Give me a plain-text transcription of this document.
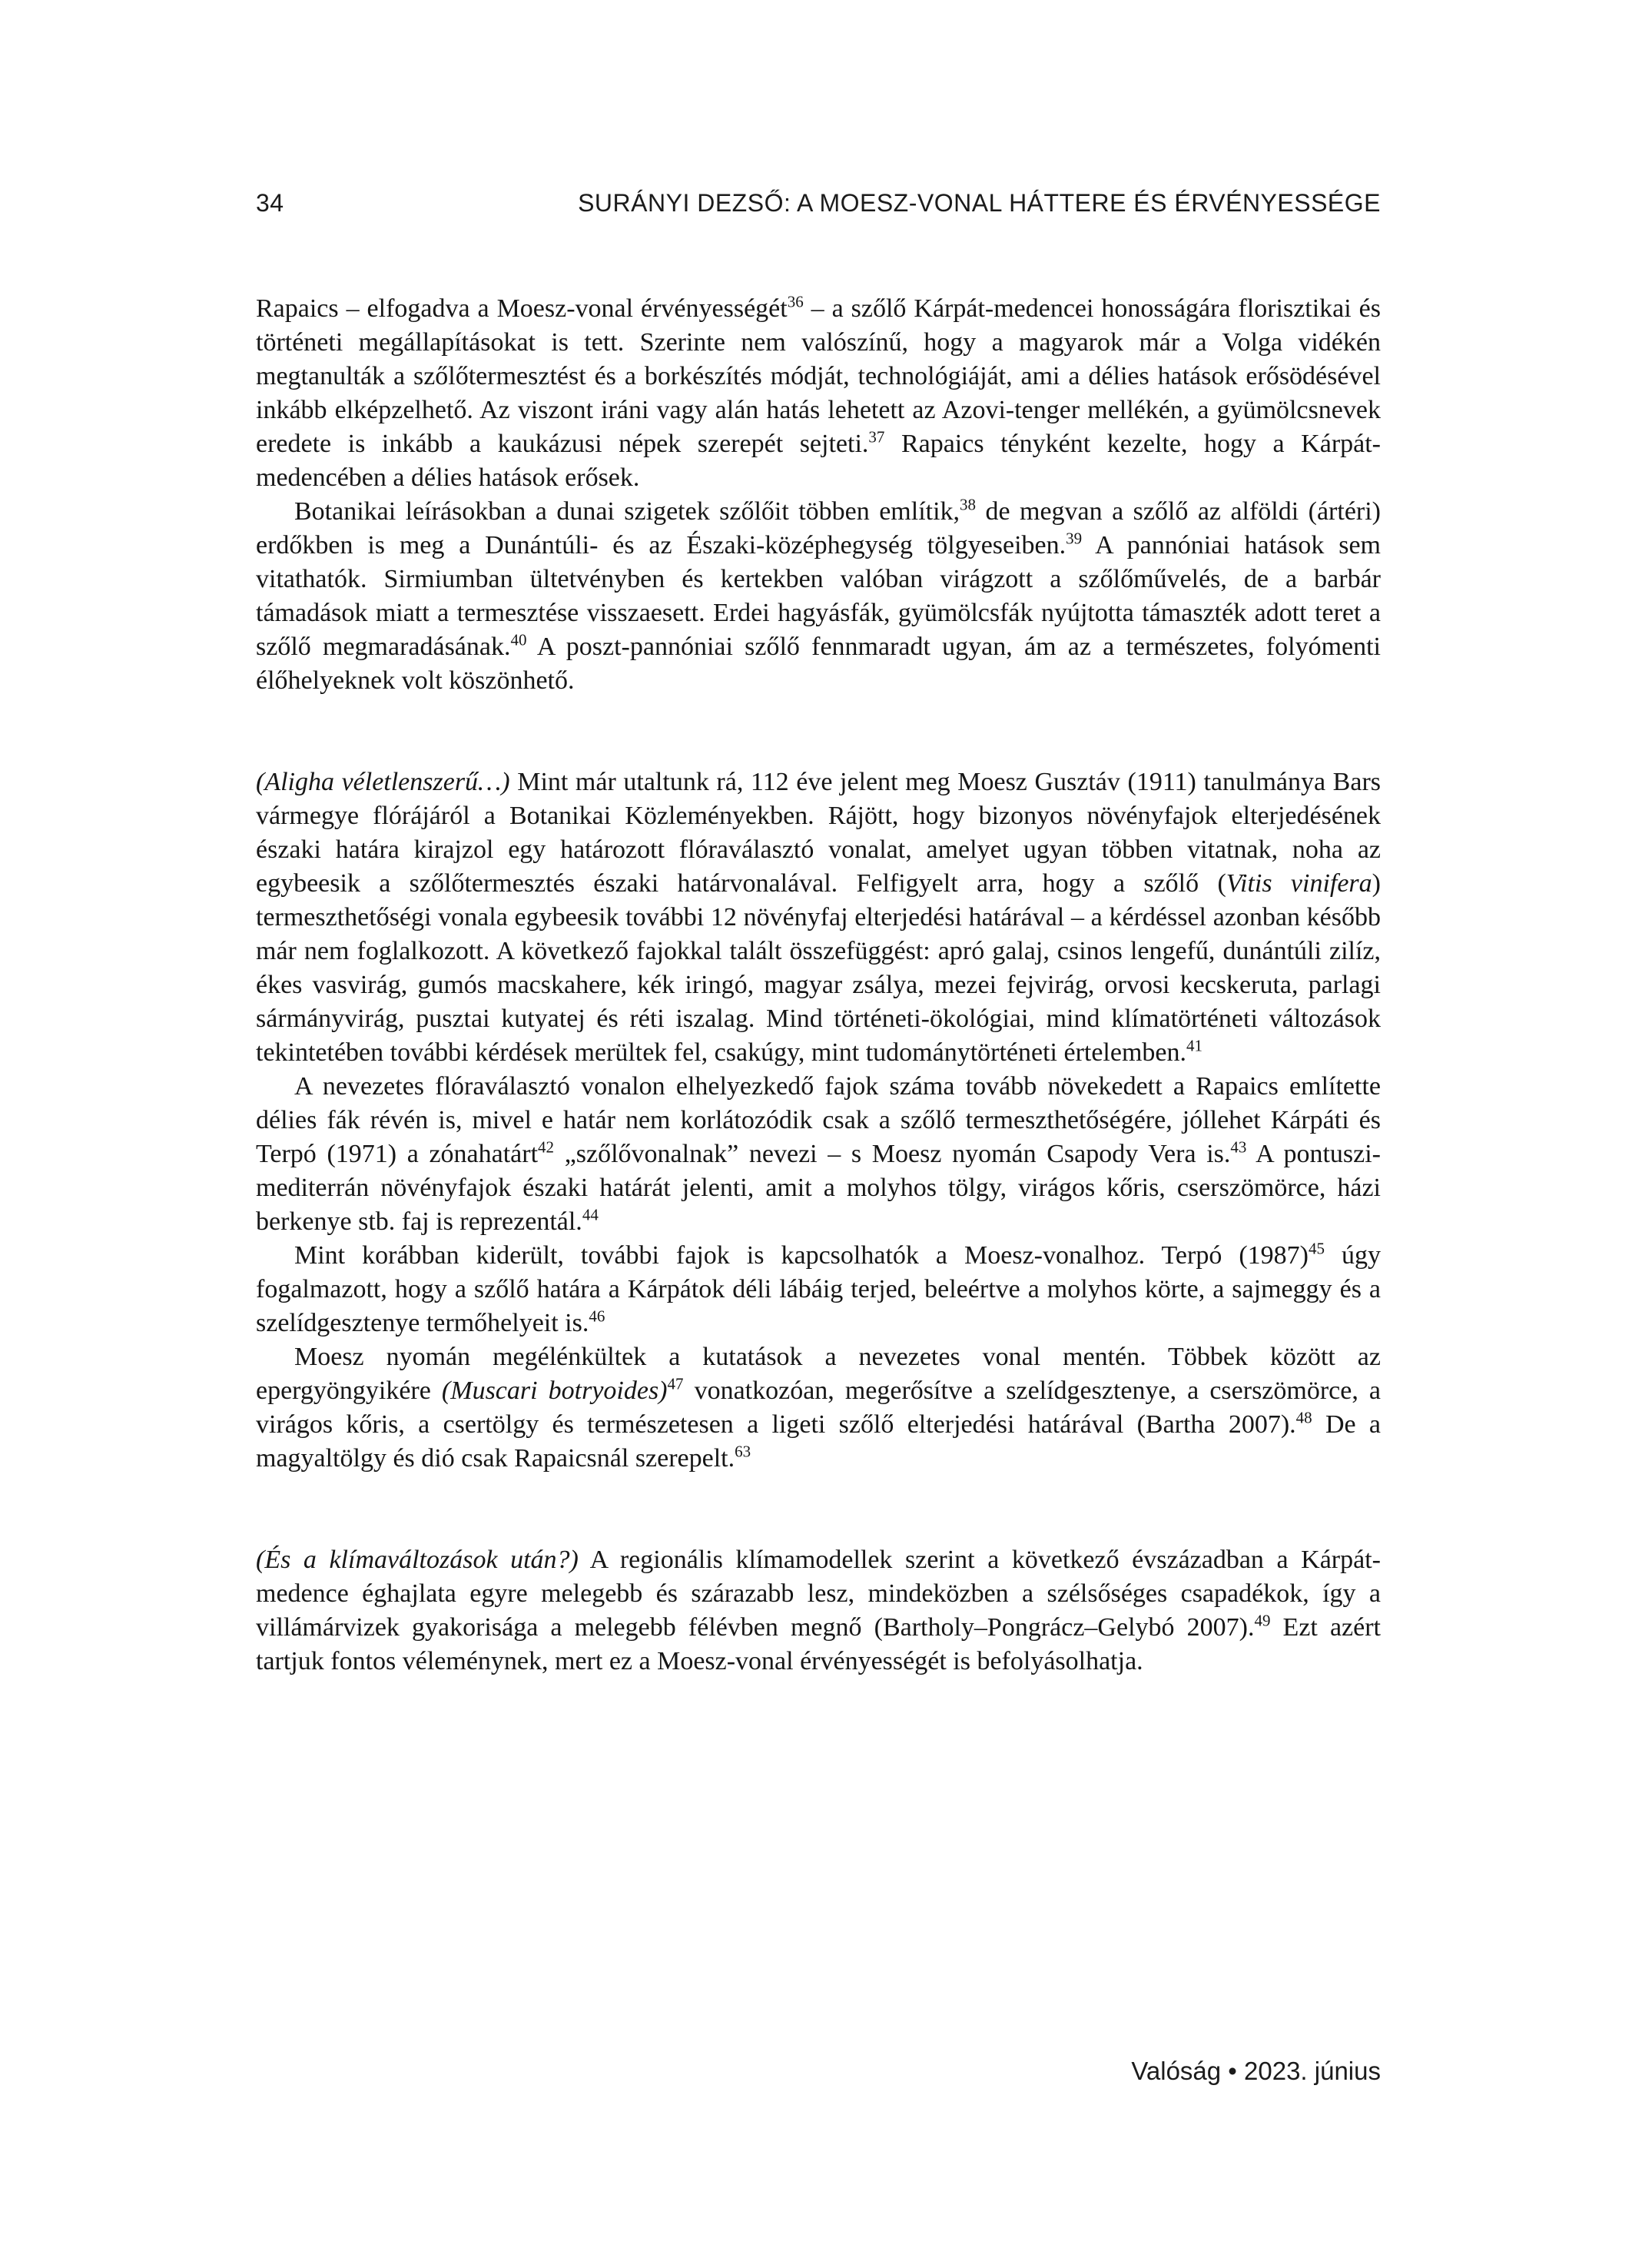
34	SURÁNYI DEZSŐ: A MOESZ-VONAL HÁTTERE ÉS ÉRVÉNYESSÉGE

Rapaics – elfogadva a Moesz-vonal érvényességét$^{36}$ – a szőlő Kárpát-medencei honosságára florisztikai és történeti megállapításokat is tett. Szerinte nem valószínű, hogy a magyarok már a Volga vidékén megtanulták a szőlőtermesztést és a borkészítés módját, technológiáját, ami a délies hatások erősödésével inkább elképzelhető. Az viszont iráni vagy alán hatás lehetett az Azovi-tenger mellékén, a gyümölcsnevek eredete is inkább a kaukázusi népek szerepét sejteti.$^{37}$ Rapaics tényként kezelte, hogy a Kárpát-medencében a délies hatások erősek.

Botanikai leírásokban a dunai szigetek szőlőit többen említik,$^{38}$ de megvan a szőlő az alföldi (ártéri) erdőkben is meg a Dunántúli- és az Északi-középhegység tölgyeseiben.$^{39}$ A pannóniai hatások sem vitathatók. Sirmiumban ültetvényben és kertekben valóban virágzott a szőlőművelés, de a barbár támadások miatt a termesztése visszaesett. Erdei hagyásfák, gyümölcsfák nyújtotta támaszték adott teret a szőlő megmaradásának.$^{40}$ A poszt-pannóniai szőlő fennmaradt ugyan, ám az a természetes, folyómenti élőhelyeknek volt köszönhető.

(Aligha véletlenszerű…) Mint már utaltunk rá, 112 éve jelent meg Moesz Gusztáv (1911) tanulmánya Bars vármegye flórájáról a Botanikai Közleményekben. Rájött, hogy bizonyos növényfajok elterjedésének északi határa kirajzol egy határozott flóraválasztó vonalat, amelyet ugyan többen vitatnak, noha az egybeesik a szőlőtermesztés északi határvonalával. Felfigyelt arra, hogy a szőlő (Vitis vinifera) termeszthetőségi vonala egybeesik további 12 növényfaj elterjedési határával – a kérdéssel azonban később már nem foglalkozott. A következő fajokkal talált összefüggést: apró galaj, csinos lengefű, dunántúli zilíz, ékes vasvirág, gumós macskahere, kék iringó, magyar zsálya, mezei fejvirág, orvosi kecskeruta, parlagi sármányvirág, pusztai kutyatej és réti iszalag. Mind történeti-ökológiai, mind klímatörténeti változások tekintetében további kérdések merültek fel, csakúgy, mint tudománytörténeti értelemben.$^{41}$

A nevezetes flóraválasztó vonalon elhelyezkedő fajok száma tovább növekedett a Rapaics említette délies fák révén is, mivel e határ nem korlátozódik csak a szőlő termeszthetőségére, jóllehet Kárpáti és Terpó (1971) a zónahatárt$^{42}$ „szőlővonalnak” nevezi – s Moesz nyomán Csapody Vera is.$^{43}$ A pontuszi-mediterrán növényfajok északi határát jelenti, amit a molyhos tölgy, virágos kőris, cserszömörce, házi berkenye stb. faj is reprezentál.$^{44}$

Mint korábban kiderült, további fajok is kapcsolhatók a Moesz-vonalhoz. Terpó $(1987)^{45}$ úgy fogalmazott, hogy a szőlő határa a Kárpátok déli lábáig terjed, beleértve a molyhos körte, a sajmeggy és a szelídgesztenye termőhelyeit is.$^{46}$

Moesz nyomán megélénkültek a kutatások a nevezetes vonal mentén. Többek között az epergyöngyikére (Muscari botryoides)$^{47}$ vonatkozóan, megerősítve a szelídgesztenye, a cserszömörce, a virágos kőris, a csertölgy és természetesen a ligeti szőlő elterjedési határával (Bartha 2007).$^{48}$ De a magyaltölgy és dió csak Rapaicsnál szerepelt.$^{63}$

(És a klímaváltozások után?) A regionális klímamodellek szerint a következő évszázadban a Kárpát-medence éghajlata egyre melegebb és szárazabb lesz, mindeközben a szélsőséges csapadékok, így a villámárvizek gyakorisága a melegebb félévben megnő (Bartholy–Pongrácz–Gelybó 2007).$^{49}$ Ezt azért tartjuk fontos véleménynek, mert ez a Moesz-vonal érvényességét is befolyásolhatja.

Valóság • 2023. június
